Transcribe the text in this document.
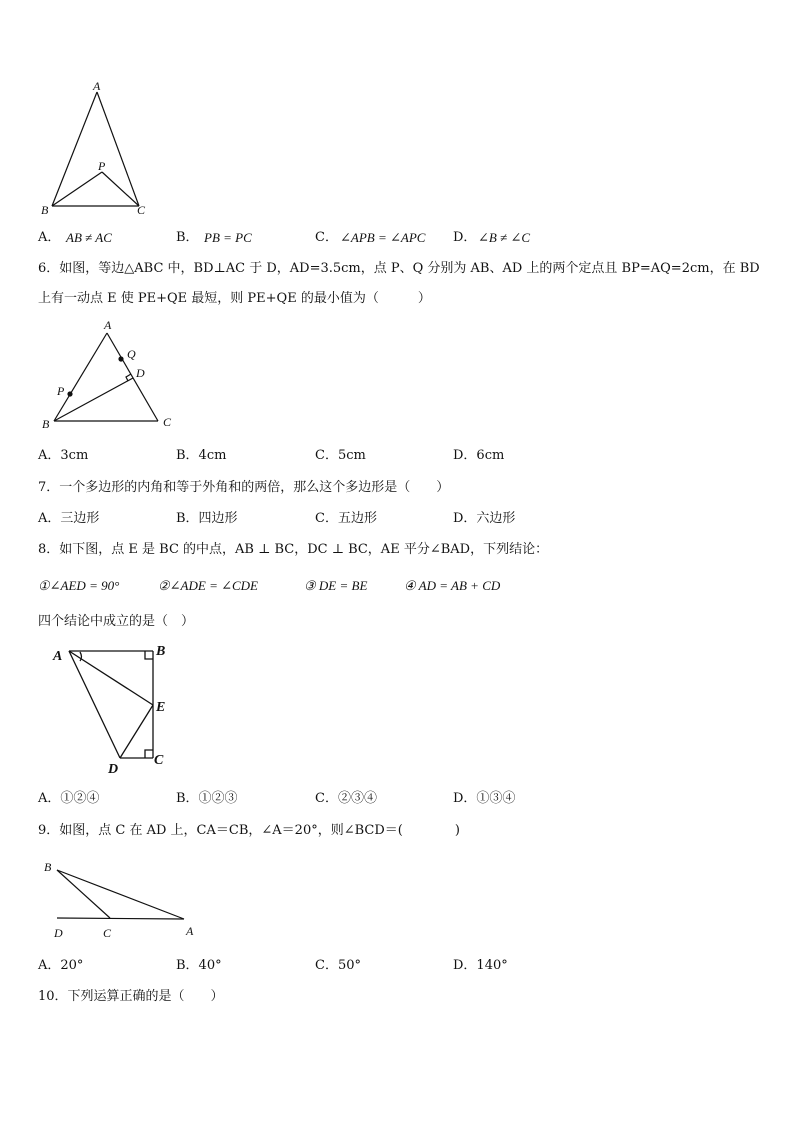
A
B	C
P
A． AB ≠ AC	B． PB = PC	C． ∠APB = ∠APC D． ∠B ≠ ∠C
6．如图，等边△ABC 中，BD⊥AC 于 D，AD=3.5cm，点 P、Q 分别为 AB、AD 上的两个定点且 BP=AQ=2cm，在 BD
上有一动点 E 使 PE+QE 最短，则 PE+QE 的最小值为（　　　）
A
Q
D
P
B	C
A．3cm	B．4cm	C．5cm	D．6cm
7．一个多边形的内角和等于外角和的两倍，那么这个多边形是（　　）
A．三边形	B．四边形	C．五边形	D．六边形
8．如下图，点 E 是 BC 的中点，AB ⊥ BC，DC ⊥ BC，AE 平分∠BAD，下列结论：
①∠AED = 90°	②∠ADE = ∠CDE	③ DE = BE	④ AD = AB + CD
四个结论中成立的是（　）
A	B
E
D
C
A．①②④	B．①②③	C．②③④	D．①③④
9．如图，点 C 在 AD 上，CA＝CB，∠A＝20°，则∠BCD＝(　　　　)
B
D	C	A
A．20°	B．40°	C．50°	D．140°
10．下列运算正确的是（　　）
